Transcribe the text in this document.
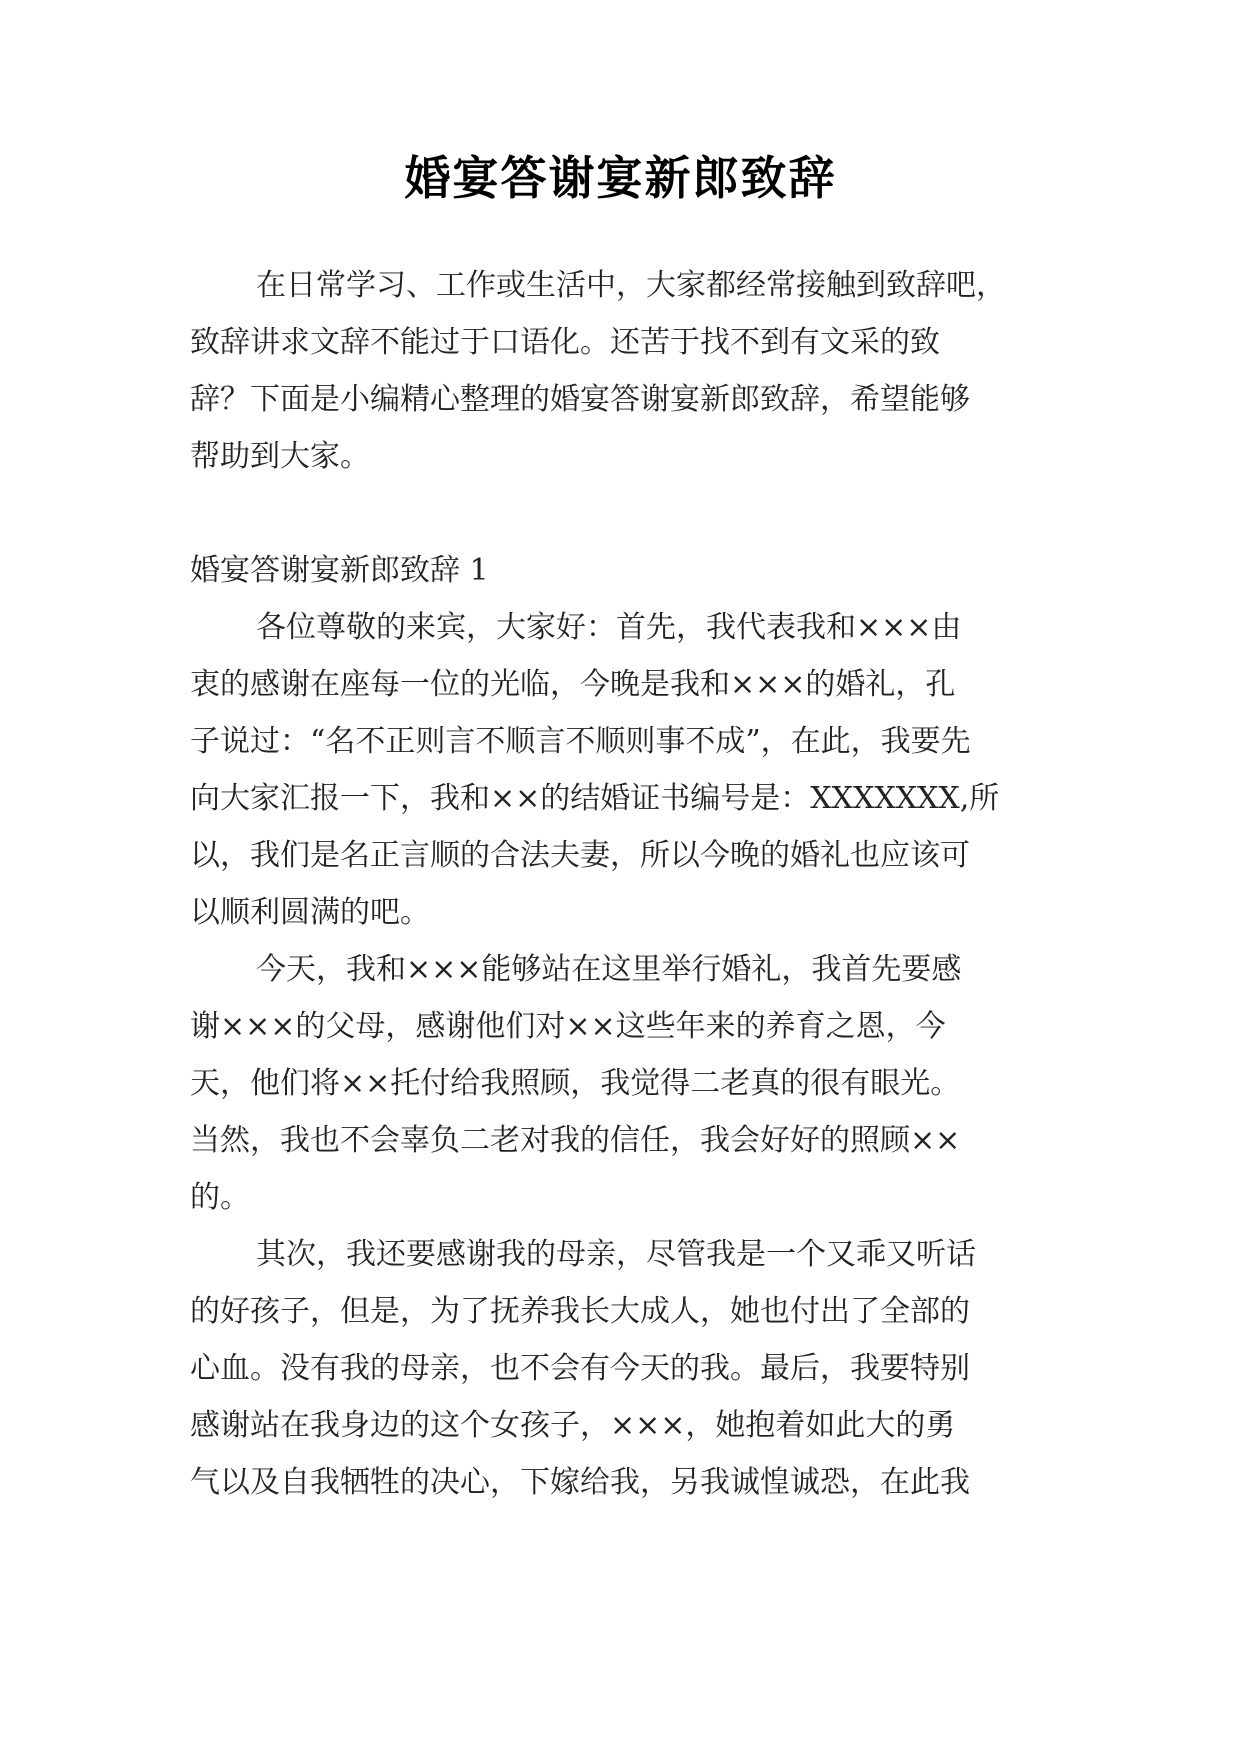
婚宴答谢宴新郎致辞
在日常学习、工作或生活中，大家都经常接触到致辞吧，
致辞讲求文辞不能过于口语化。还苦于找不到有文采的致
辞？下面是小编精心整理的婚宴答谢宴新郎致辞，希望能够
帮助到大家。
婚宴答谢宴新郎致辞 1
各位尊敬的来宾，大家好：首先，我代表我和×××由
衷的感谢在座每一位的光临，今晚是我和×××的婚礼，孔
子说过：“名不正则言不顺言不顺则事不成”，在此，我要先
向大家汇报一下，我和××的结婚证书编号是：XXXXXXX,所
以，我们是名正言顺的合法夫妻，所以今晚的婚礼也应该可
以顺利圆满的吧。
今天，我和×××能够站在这里举行婚礼，我首先要感
谢×××的父母，感谢他们对××这些年来的养育之恩，今
天，他们将××托付给我照顾，我觉得二老真的很有眼光。
当然，我也不会辜负二老对我的信任，我会好好的照顾××
的。
其次，我还要感谢我的母亲，尽管我是一个又乖又听话
的好孩子，但是，为了抚养我长大成人，她也付出了全部的
心血。没有我的母亲，也不会有今天的我。最后，我要特别
感谢站在我身边的这个女孩子，×××，她抱着如此大的勇
气以及自我牺牲的决心，下嫁给我，另我诚惶诚恐，在此我
